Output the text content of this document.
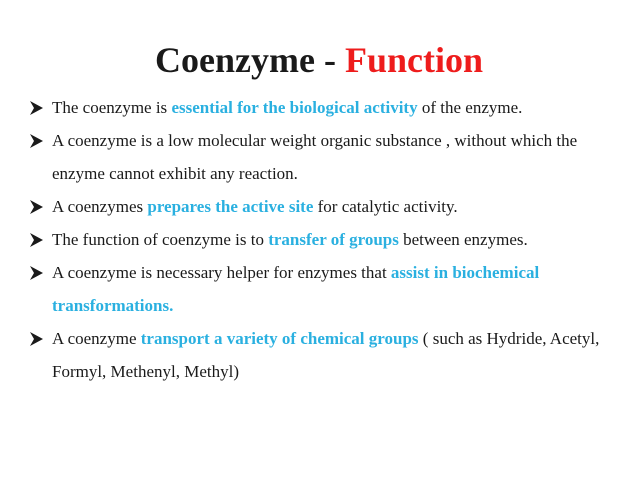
Coenzyme - Function
The coenzyme is essential for the biological activity of the enzyme.
A coenzyme is a low molecular weight organic substance , without which the enzyme cannot exhibit any reaction.
A coenzymes prepares the active site for catalytic activity.
The function of coenzyme is to transfer of groups between enzymes.
A coenzyme is necessary helper for enzymes that assist in biochemical transformations.
A coenzyme transport a variety of chemical groups ( such as Hydride, Acetyl, Formyl, Methenyl, Methyl)
